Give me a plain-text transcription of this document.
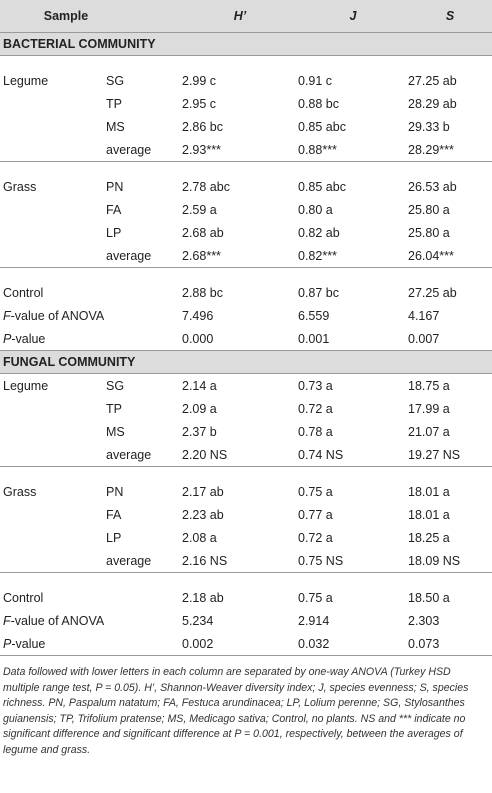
Sample		H’	J	S
BACTERIAL COMMUNITY				

Legume	SG	2.99 c	0.91 c	27.25 ab
	TP	2.95 c	0.88 bc	28.29 ab
	MS	2.86 bc	0.85 abc	29.33 b
	average	2.93***	0.88***	28.29***

Grass	PN	2.78 abc	0.85 abc	26.53 ab
	FA	2.59 a	0.80 a	25.80 a
	LP	2.68 ab	0.82 ab	25.80 a
	average	2.68***	0.82***	26.04***

Control		2.88 bc	0.87 bc	27.25 ab
F-value of ANOVA		7.496	6.559	4.167
P-value		0.000	0.001	0.007
FUNGAL COMMUNITY				
Legume	SG	2.14 a	0.73 a	18.75 a
	TP	2.09 a	0.72 a	17.99 a
	MS	2.37 b	0.78 a	21.07 a
	average	2.20 NS	0.74 NS	19.27 NS

Grass	PN	2.17 ab	0.75 a	18.01 a
	FA	2.23 ab	0.77 a	18.01 a
	LP	2.08 a	0.72 a	18.25 a
	average	2.16 NS	0.75 NS	18.09 NS

Control		2.18 ab	0.75 a	18.50 a
F-value of ANOVA		5.234	2.914	2.303
P-value		0.002	0.032	0.073
Data followed with lower letters in each column are separated by one-way ANOVA (Turkey HSD multiple range test, P = 0.05). H’, Shannon-Weaver diversity index; J, species evenness; S, species richness. PN, Paspalum natatum; FA, Festuca arundinacea; LP, Lolium perenne; SG, Stylosanthes guianensis; TP, Trifolium pratense; MS, Medicago sativa; Control, no plants. NS and *** indicate no significant difference and significant difference at P = 0.001, respectively, between the averages of legume and grass.
